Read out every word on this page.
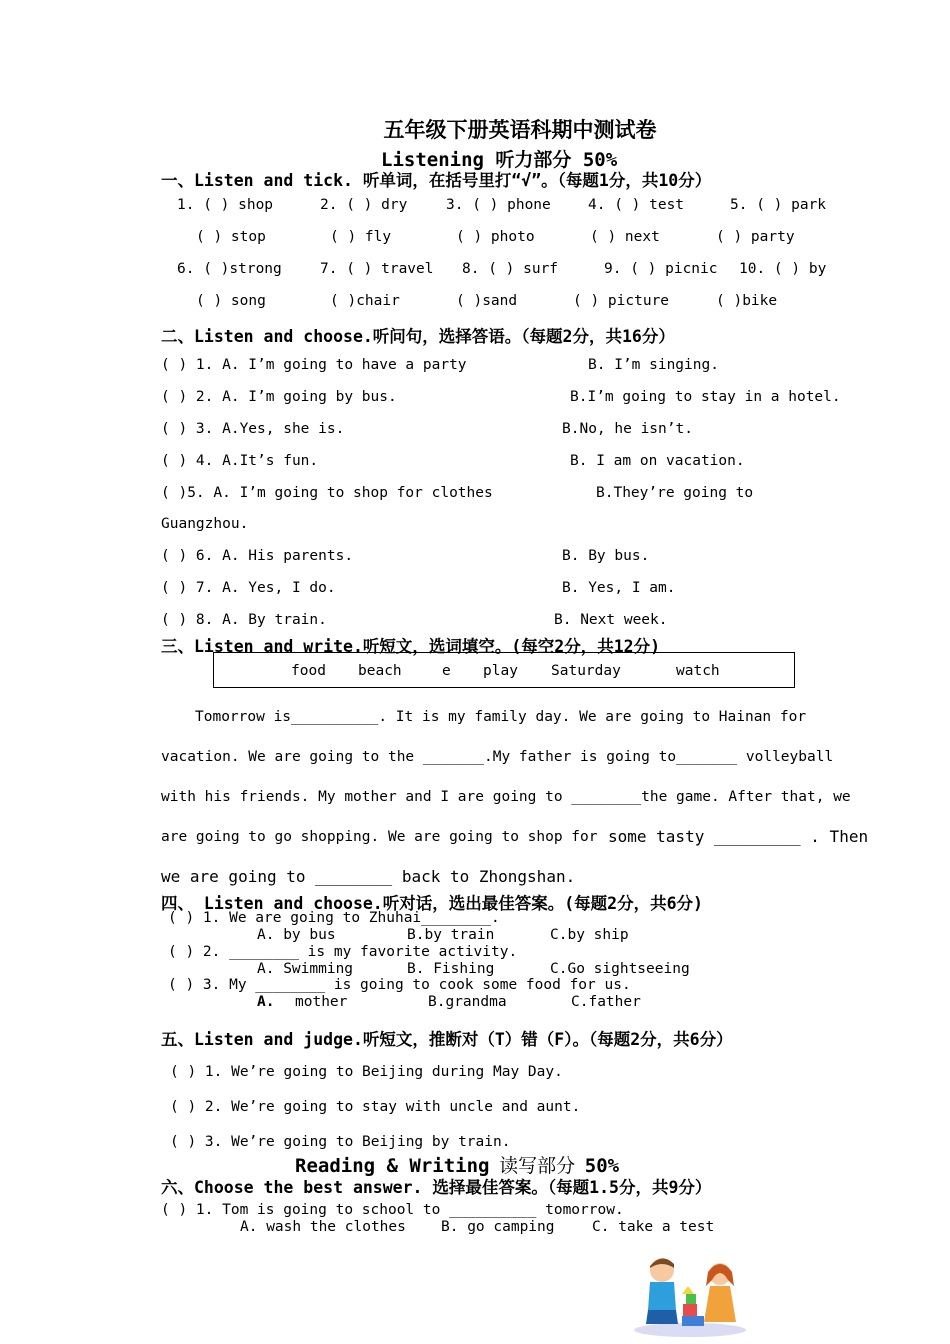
五年级下册英语科期中测试卷
Listening 听力部分 50%
一、Listen and tick. 听单词，在括号里打“√”。（每题1分，共10分）
1. ( ) shop	2. ( ) dry	3. ( ) phone	4. ( ) test	5. ( ) park
( ) stop	( ) fly	( ) photo	( ) next	( ) party
6. ( )strong	7. ( ) travel 8. ( ) surf	9. ( ) picnic 10. ( ) by
( ) song	( )chair	( )sand	( ) picture	( )bike
二、Listen and choose.听问句，选择答语。（每题2分，共16分）
( ) 1. A. I’m going to have a party	B. I’m singing.
( ) 2. A. I’m going by bus.	B.I’m going to stay in a hotel.
( ) 3. A.Yes, she is.	B.No, he isn’t.
( ) 4. A.It’s fun.	B. I am on vacation.
( )5. A. I’m going to shop for clothes	B.They’re going to
Guangzhou.
( ) 6. A. His parents.	B. By bus.
( ) 7. A. Yes, I do.	B. Yes, I am.
( ) 8. A. By train.	B. Next week.
三、Listen and write.听短文，选词填空。(每空2分，共12分)
food beach	e play Saturday	watch
Tomorrow is__________. It is my family day. We are going to Hainan for
vacation. We are going to the _______.My father is going to_______ volleyball
with his friends. My mother and I are going to ________the game. After that, we
are going to go shopping. We are going to shop for some tasty _________ . Then
we are going to ________ back to Zhongshan.
四、 Listen and choose.听对话，选出最佳答案。(每题2分，共6分)
( ) 1. We are going to Zhuhai________.
A. by bus	B.by train	C.by ship
( ) 2. ________ is my favorite activity.
A. Swimming	B. Fishing	C.Go sightseeing
( ) 3. My ________ is going to cook some food for us.
A. mother	B.grandma	C.father
五、Listen and judge.听短文，推断对（T）错（F）。（每题2分，共6分）
( ) 1. We’re going to Beijing during May Day.
( ) 2. We’re going to stay with uncle and aunt.
( ) 3. We’re going to Beijing by train.
Reading & Writing 读写部分 50%
六、Choose the best answer. 选择最佳答案。（每题1.5分，共9分）
( ) 1. Tom is going to school to __________ tomorrow.
A. wash the clothes B. go camping	C. take a test
